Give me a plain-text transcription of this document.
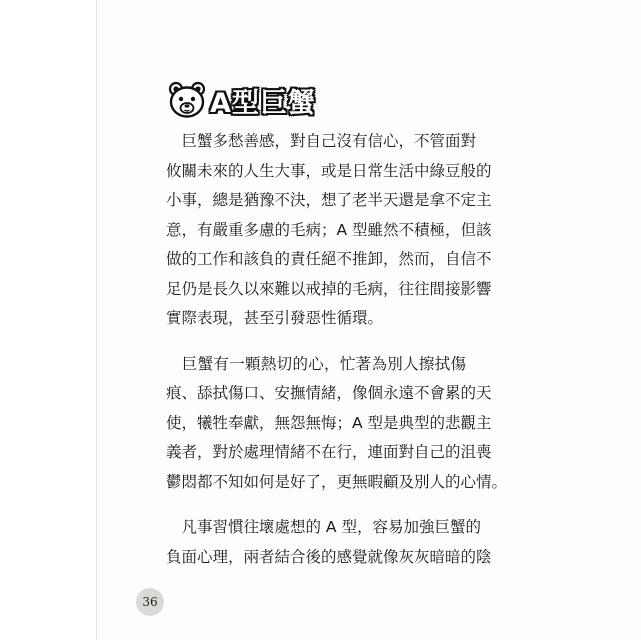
A型巨蟹
　巨蟹多愁善感，對自己沒有信心，不管面對
攸關未來的人生大事，或是日常生活中綠豆般的
小事，總是猶豫不決，想了老半天還是拿不定主
意，有嚴重多慮的毛病；A 型雖然不積極，但該
做的工作和該負的責任絕不推卸，然而，自信不
足仍是長久以來難以戒掉的毛病，往往間接影響
實際表現，甚至引發惡性循環。
　巨蟹有一顆熱切的心，忙著為別人擦拭傷
痕、舔拭傷口、安撫情緒，像個永遠不會累的天
使，犧牲奉獻，無怨無悔；A 型是典型的悲觀主
義者，對於處理情緒不在行，連面對自己的沮喪
鬱悶都不知如何是好了，更無暇顧及別人的心情。
　凡事習慣往壞處想的 A 型，容易加強巨蟹的
負面心理，兩者結合後的感覺就像灰灰暗暗的陰
36
